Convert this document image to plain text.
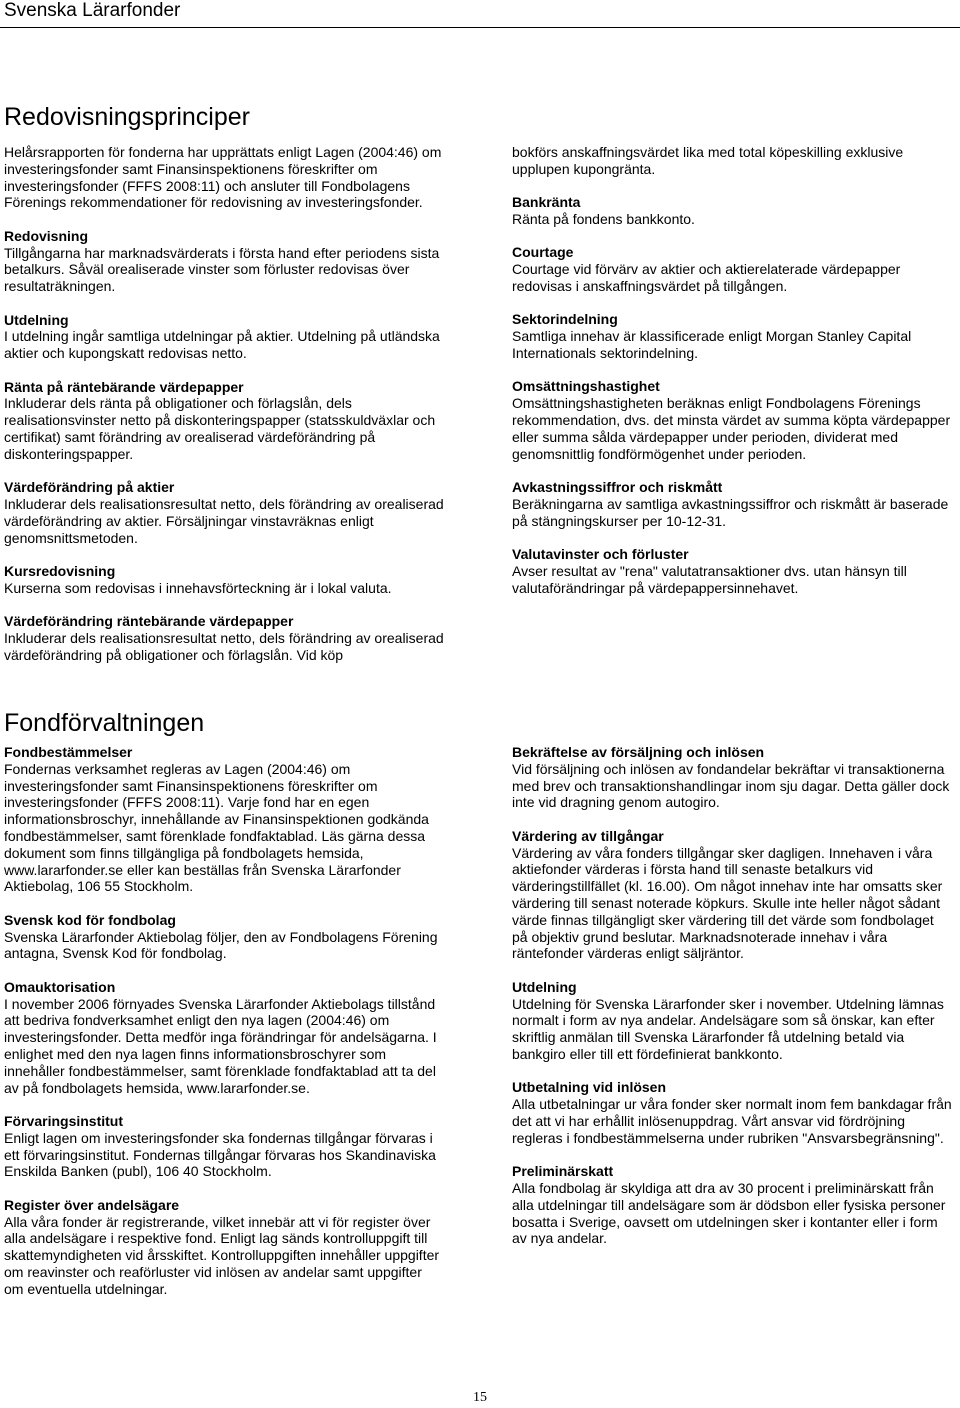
Svenska Lärarfonder
Redovisningsprinciper

Helårsrapporten för fonderna har upprättats enligt Lagen (2004:46) om investeringsfonder samt Finansinspektionens föreskrifter om investeringsfonder (FFFS 2008:11) och ansluter till Fondbolagens Förenings rekommendationer för redovisning av investeringsfonder.

Redovisning

Tillgångarna har marknadsvärderats i första hand efter periodens sista betalkurs. Såväl orealiserade vinster som förluster redovisas över resultaträkningen.

Utdelning

I utdelning ingår samtliga utdelningar på aktier. Utdelning på utländska aktier och kupongskatt redovisas netto.

Ränta på räntebärande värdepapper

Inkluderar dels ränta på obligationer och förlagslån, dels realisationsvinster netto på diskonteringspapper (statsskuldväxlar och certifikat) samt förändring av orealiserad värdeförändring på diskonteringspapper.

Värdeförändring på aktier

Inkluderar dels realisationsresultat netto, dels förändring av orealiserad värdeförändring av aktier. Försäljningar vinstavräknas enligt genomsnittsmetoden.

Kursredovisning

Kurserna som redovisas i innehavsförteckning är i lokal valuta.

Värdeförändring räntebärande värdepapper

Inkluderar dels realisationsresultat netto, dels förändring av orealiserad värdeförändring på obligationer och förlagslån. Vid köp

bokförs anskaffningsvärdet lika med total köpeskilling exklusive upplupen kupongränta.

Bankränta

Ränta på fondens bankkonto.

Courtage

Courtage vid förvärv av aktier och aktierelaterade värdepapper redovisas i anskaffningsvärdet på tillgången.

Sektorindelning

Samtliga innehav är klassificerade enligt Morgan Stanley Capital Internationals sektorindelning.

Omsättningshastighet

Omsättningshastigheten beräknas enligt Fondbolagens Förenings rekommendation, dvs. det minsta värdet av summa köpta värdepapper eller summa sålda värdepapper under perioden, dividerat med genomsnittlig fondförmögenhet under perioden.

Avkastningssiffror och riskmått

Beräkningarna av samtliga avkastningssiffror och riskmått är baserade på stängningskurser per 10-12-31.

Valutavinster och förluster

Avser resultat av "rena" valutatransaktioner dvs. utan hänsyn till valutaförändringar på värdepappersinnehavet.

Fondförvaltningen

Fondbestämmelser

Fondernas verksamhet regleras av Lagen (2004:46) om investeringsfonder samt Finansinspektionens föreskrifter om investeringsfonder (FFFS 2008:11). Varje fond har en egen informationsbroschyr, innehållande av Finansinspektionen godkända fondbestämmelser, samt förenklade fondfaktablad. Läs gärna dessa dokument som finns tillgängliga på fondbolagets hemsida, www.lararfonder.se eller kan beställas från Svenska Lärarfonder Aktiebolag, 106 55 Stockholm.

Svensk kod för fondbolag

Svenska Lärarfonder Aktiebolag följer, den av Fondbolagens Förening antagna, Svensk Kod för fondbolag.

Omauktorisation

I november 2006 förnyades Svenska Lärarfonder Aktiebolags tillstånd att bedriva fondverksamhet enligt den nya lagen (2004:46) om investeringsfonder. Detta medför inga förändringar för andelsägarna. I enlighet med den nya lagen finns informationsbroschyrer som innehåller fondbestämmelser, samt förenklade fondfaktablad att ta del av på fondbolagets hemsida, www.lararfonder.se.

Förvaringsinstitut

Enligt lagen om investeringsfonder ska fondernas tillgångar förvaras i ett förvaringsinstitut. Fondernas tillgångar förvaras hos Skandinaviska Enskilda Banken (publ), 106 40 Stockholm.

Register över andelsägare

Alla våra fonder är registrerande, vilket innebär att vi för register över alla andelsägare i respektive fond. Enligt lag sänds kontrolluppgift till skattemyndigheten vid årsskiftet. Kontrolluppgiften innehåller uppgifter om reavinster och reaförluster vid inlösen av andelar samt uppgifter om eventuella utdelningar.

Bekräftelse av försäljning och inlösen

Vid försäljning och inlösen av fondandelar bekräftar vi transaktionerna med brev och transaktionshandlingar inom sju dagar. Detta gäller dock inte vid dragning genom autogiro.

Värdering av tillgångar

Värdering av våra fonders tillgångar sker dagligen. Innehaven i våra aktiefonder värderas i första hand till senaste betalkurs vid värderingstillfället (kl. 16.00). Om något innehav inte har omsatts sker värdering till senast noterade köpkurs. Skulle inte heller något sådant värde finnas tillgängligt sker värdering till det värde som fondbolaget på objektiv grund beslutar. Marknadsnoterade innehav i våra räntefonder värderas enligt säljräntor.

Utdelning

Utdelning för Svenska Lärarfonder sker i november. Utdelning lämnas normalt i form av nya andelar. Andelsägare som så önskar, kan efter skriftlig anmälan till Svenska Lärarfonder få utdelning betald via bankgiro eller till ett fördefinierat bankkonto.

Utbetalning vid inlösen

Alla utbetalningar ur våra fonder sker normalt inom fem bankdagar från det att vi har erhållit inlösenuppdrag. Vårt ansvar vid fördröjning regleras i fondbestämmelserna under rubriken "Ansvarsbegränsning".

Preliminärskatt

Alla fondbolag är skyldiga att dra av 30 procent i preliminärskatt från alla utdelningar till andelsägare som är dödsbon eller fysiska personer bosatta i Sverige, oavsett om utdelningen sker i kontanter eller i form av nya andelar.

15
